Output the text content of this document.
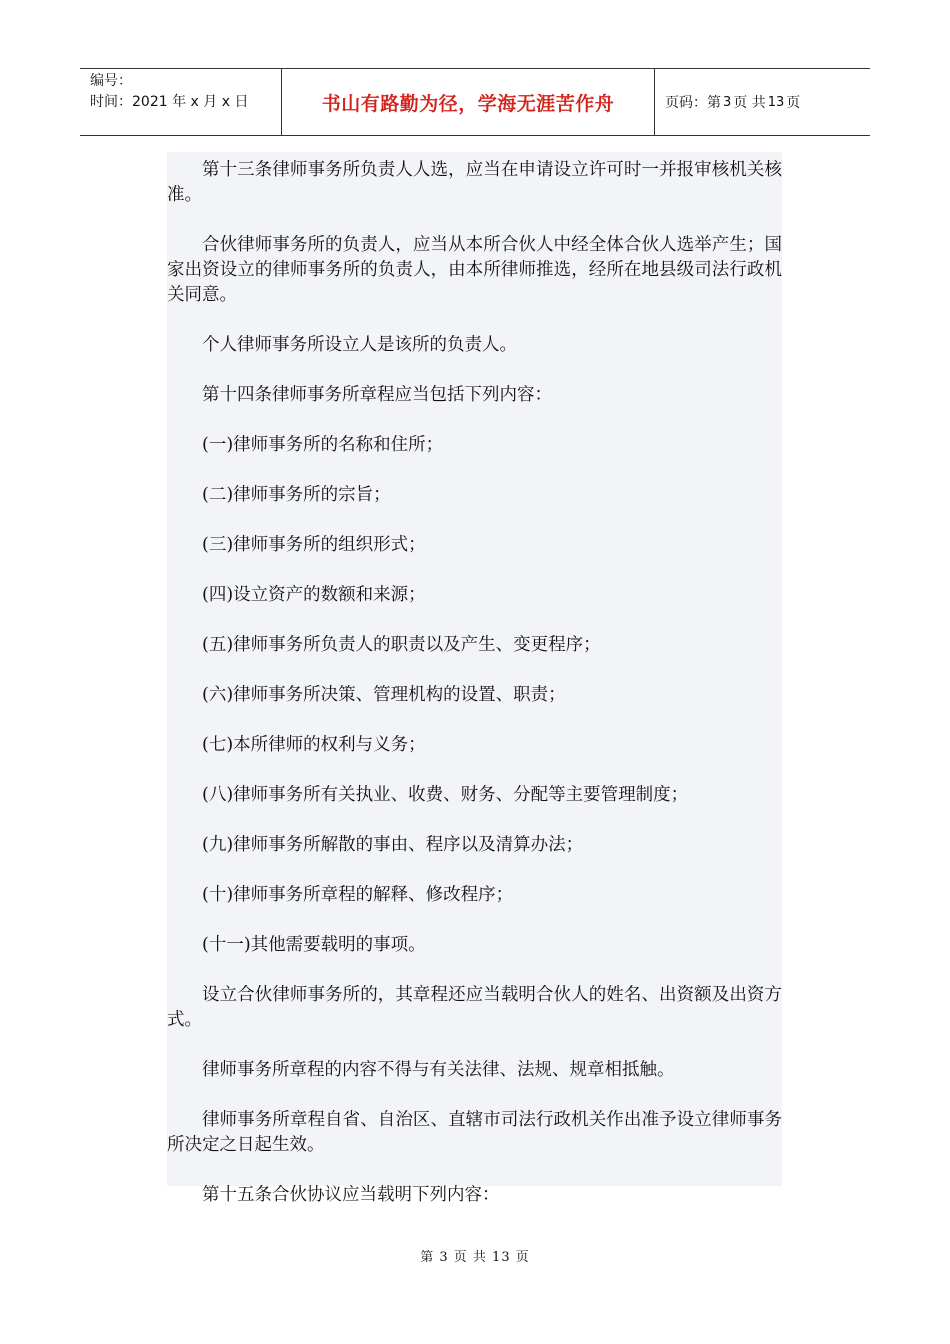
编号：
时间：2021 年 x 月 x 日	书山有路勤为径，学海无涯苦作舟	页码：第 3 页 共 13 页

第十三条律师事务所负责人人选，应当在申请设立许可时一并报审核机关核准。

合伙律师事务所的负责人，应当从本所合伙人中经全体合伙人选举产生；国家出资设立的律师事务所的负责人，由本所律师推选，经所在地县级司法行政机关同意。

个人律师事务所设立人是该所的负责人。

第十四条律师事务所章程应当包括下列内容：

(一)律师事务所的名称和住所；

(二)律师事务所的宗旨；

(三)律师事务所的组织形式；

(四)设立资产的数额和来源；

(五)律师事务所负责人的职责以及产生、变更程序；

(六)律师事务所决策、管理机构的设置、职责；

(七)本所律师的权利与义务；

(八)律师事务所有关执业、收费、财务、分配等主要管理制度；

(九)律师事务所解散的事由、程序以及清算办法；

(十)律师事务所章程的解释、修改程序；

(十一)其他需要载明的事项。

设立合伙律师事务所的，其章程还应当载明合伙人的姓名、出资额及出资方式。

律师事务所章程的内容不得与有关法律、法规、规章相抵触。

律师事务所章程自省、自治区、直辖市司法行政机关作出准予设立律师事务所决定之日起生效。

第十五条合伙协议应当载明下列内容：

第 3 页 共 13 页
